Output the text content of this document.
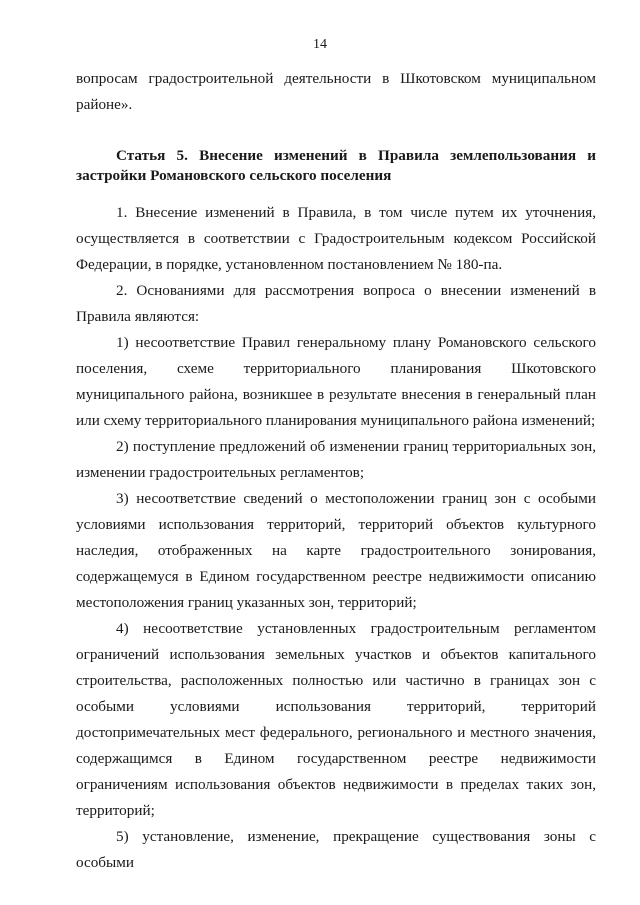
14

вопросам градостроительной деятельности в Шкотовском муниципальном районе».

Статья 5. Внесение изменений в Правила землепользования и застройки Романовского сельского поселения

1. Внесение изменений в Правила, в том числе путем их уточнения, осуществляется в соответствии с Градостроительным кодексом Российской Федерации, в порядке, установленном постановлением № 180-па.

2. Основаниями для рассмотрения вопроса о внесении изменений в Правила являются:

1) несоответствие Правил генеральному плану Романовского сельского поселения, схеме территориального планирования Шкотовского муниципального района, возникшее в результате внесения в генеральный план или схему территориального планирования муниципального района изменений;

2) поступление предложений об изменении границ территориальных зон, изменении градостроительных регламентов;

3) несоответствие сведений о местоположении границ зон с особыми условиями использования территорий, территорий объектов культурного наследия, отображенных на карте градостроительного зонирования, содержащемуся в Едином государственном реестре недвижимости описанию местоположения границ указанных зон, территорий;

4) несоответствие установленных градостроительным регламентом ограничений использования земельных участков и объектов капитального строительства, расположенных полностью или частично в границах зон с особыми условиями использования территорий, территорий достопримечательных мест федерального, регионального и местного значения, содержащимся в Едином государственном реестре недвижимости ограничениям использования объектов недвижимости в пределах таких зон, территорий;

5) установление, изменение, прекращение существования зоны с особыми
